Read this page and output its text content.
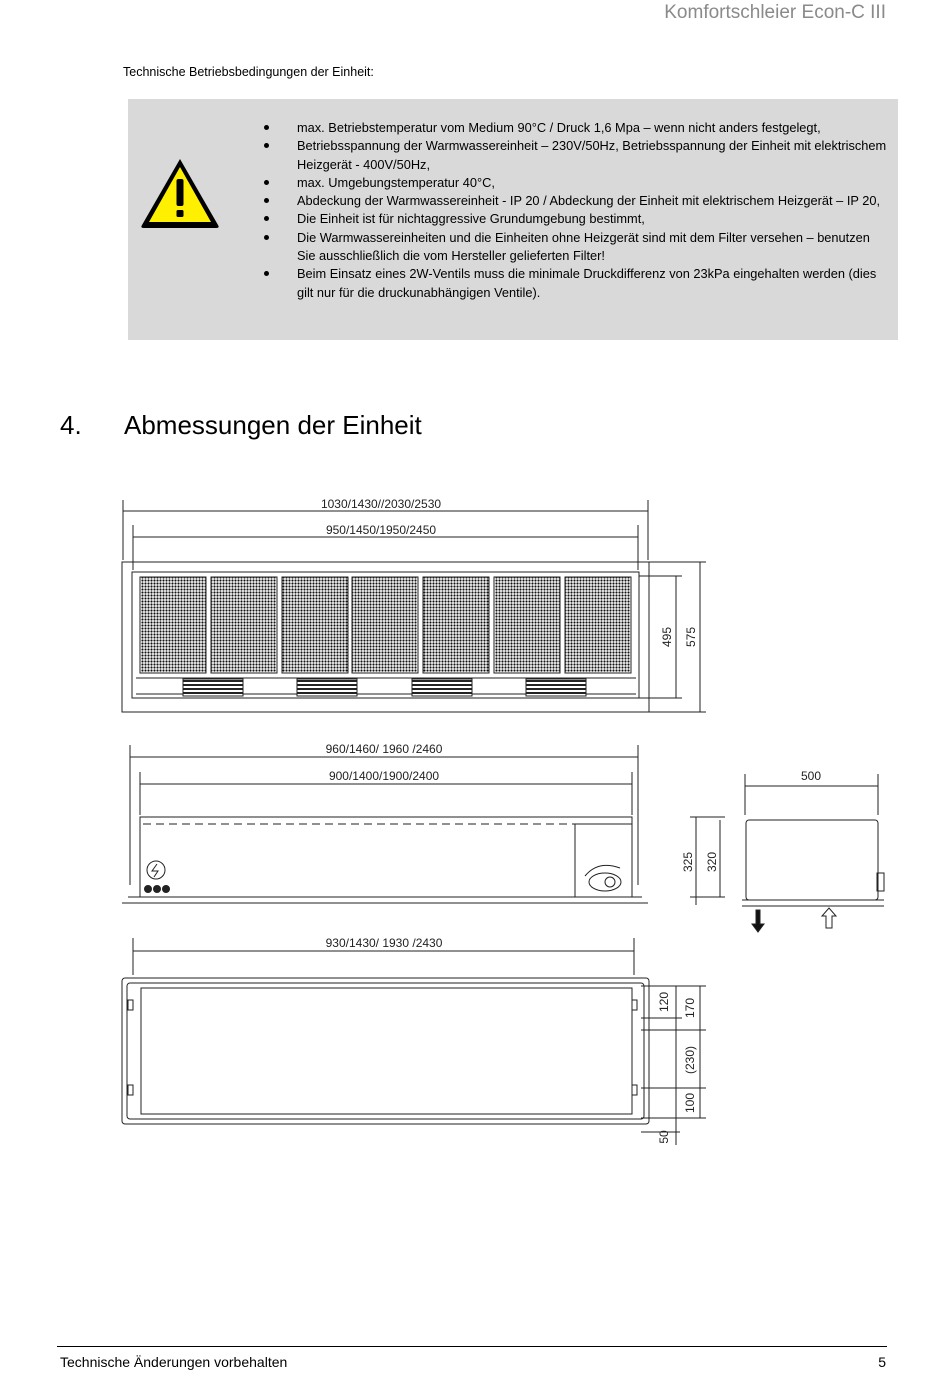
Komfortschleier Econ-C III
Technische Betriebsbedingungen der Einheit:
max. Betriebstemperatur vom Medium 90°C / Druck 1,6 Mpa – wenn nicht anders festgelegt,
Betriebsspannung der Warmwassereinheit – 230V/50Hz, Betriebsspannung der Einheit mit elektrischem Heizgerät - 400V/50Hz,
max. Umgebungstemperatur 40°C,
Abdeckung der Warmwassereinheit - IP 20 / Abdeckung der Einheit mit elektrischem Heizgerät – IP 20,
Die Einheit ist für nichtaggressive Grundumgebung bestimmt,
Die Warmwassereinheiten und die Einheiten ohne Heizgerät sind mit dem Filter versehen – benutzen Sie ausschließlich die vom Hersteller gelieferten Filter!
Beim Einsatz eines 2W-Ventils muss die minimale Druckdifferenz von 23kPa eingehalten werden (dies gilt nur für die druckunabhängigen Ventile).
4. Abmessungen der Einheit
1030/1430//2030/2530
950/1450/1950/2450
495 575
960/1460/ 1960 /2460
900/1400/1900/2400
325 320
500
930/1430/ 1930 /2430
120 170
(230)
100
50
Technische Änderungen vorbehalten	5
